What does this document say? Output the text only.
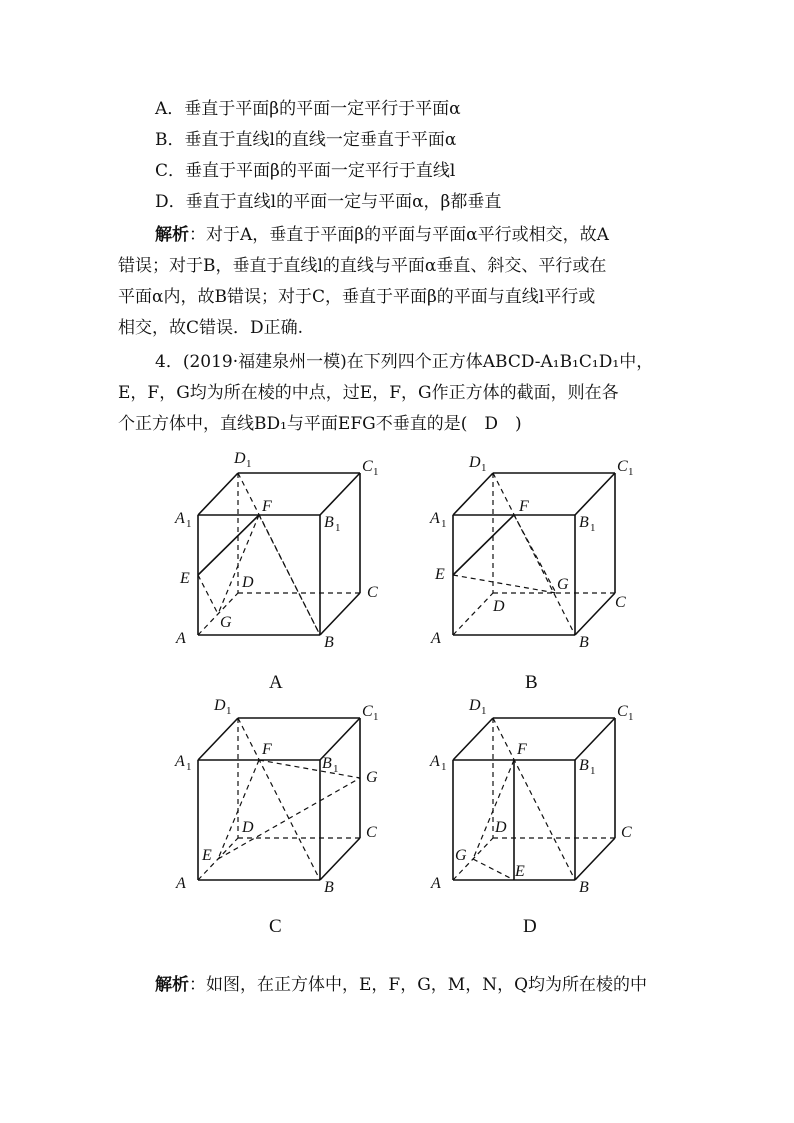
A．垂直于平面β的平面一定平行于平面α
B．垂直于直线l的直线一定垂直于平面α
C．垂直于平面β的平面一定平行于直线l
D．垂直于直线l的平面一定与平面α，β都垂直
解析：对于A，垂直于平面β的平面与平面α平行或相交，故A
错误；对于B，垂直于直线l的直线与平面α垂直、斜交、平行或在
平面α内，故B错误；对于C，垂直于平面β的平面与直线l平行或
相交，故C错误．D正确.
4．(2019·福建泉州一模)在下列四个正方体ABCD-A₁B₁C₁D₁中，
E，F，G均为所在棱的中点，过E，F，G作正方体的截面，则在各
个正方体中，直线BD₁与平面EFG不垂直的是(　D　)
A	B
C
D
A 1	B 1
C 1
D 1
E
F
G
A
A	B
C
D
A 1	B 1
C 1
D 1
E
F
G
B
A	B
C
D
A 1	B 1
C 1
D 1
E
F
G
C
A	B
C
D
A 1	B 1
C 1
D 1
E
F
G
D
解析：如图，在正方体中，E，F，G，M，N，Q均为所在棱的中
